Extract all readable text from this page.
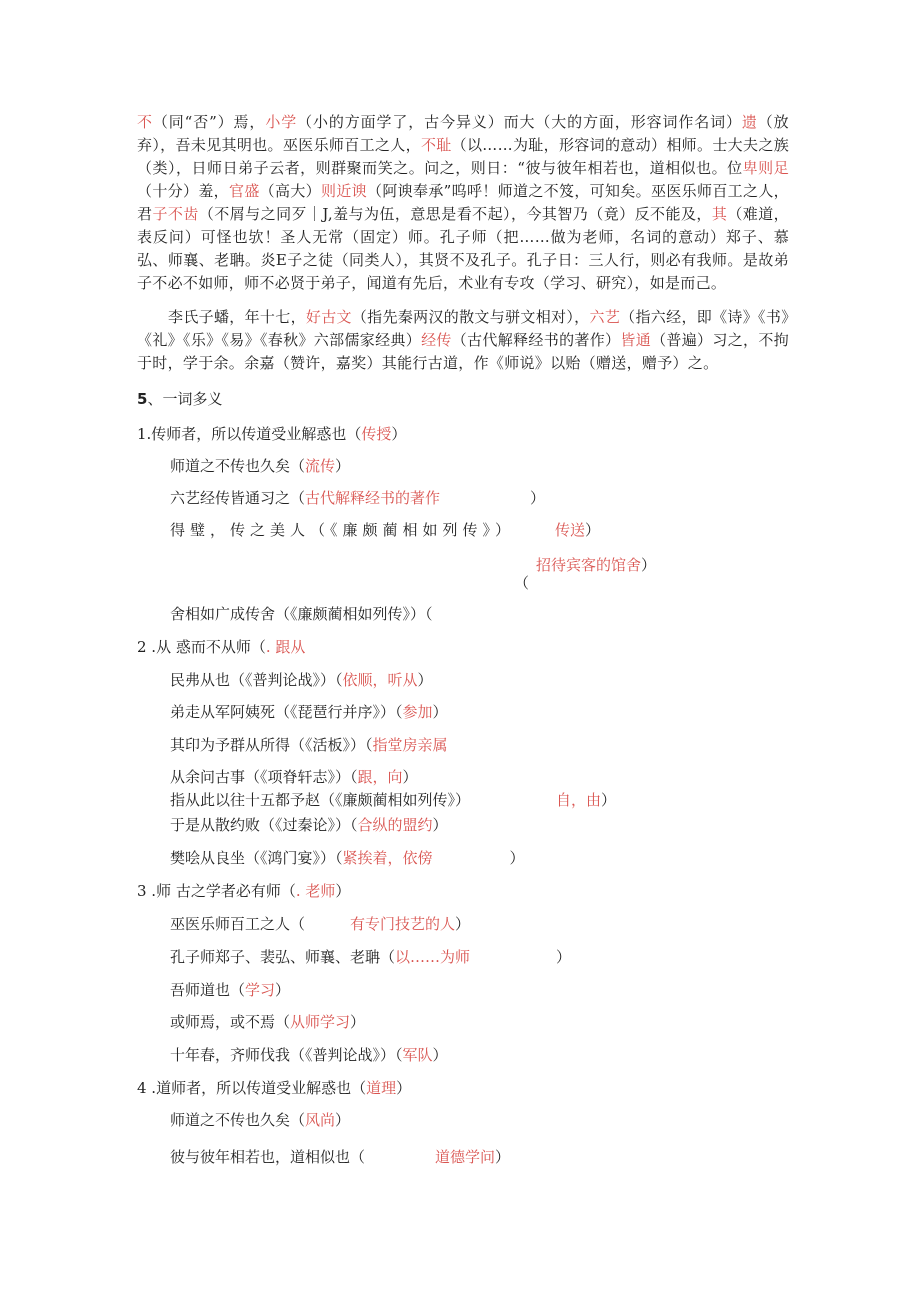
不（同“否”）焉，小学（小的方面学了，古今异义）而大（大的方面，形容词作名词）遗（放弃），吾未见其明也。巫医乐师百工之人，不耻（以……为耻，形容词的意动）相师。士大夫之族（类），日师日弟子云者，则群聚而笑之。问之，则日：“彼与彼年相若也，道相似也。位卑则足（十分）羞，官盛（高大）则近谀（阿谀奉承”呜呼！师道之不笈，可知矣。巫医乐师百工之人，君子不齿（不屑与之同歹｜J,羞与为伍，意思是看不起），今其智乃（竟）反不能及，其（难道，表反问）可怪也欤！圣人无常（固定）师。孔子师（把……做为老师，名词的意动）郑子、慕弘、师襄、老聃。炎E子之徒（同类人），其贤不及孔子。孔子日：三人行，则必有我师。是故弟子不必不如师，师不必贤于弟子，闻道有先后，术业有专攻（学习、研究），如是而己。
李氏子蟠，年十七，好古文（指先秦两汉的散文与骈文相对），六艺（指六经，即《诗》《书》《礼》《乐》《易》《春秋》六部儒家经典）经传（古代解释经书的著作）皆通（普遍）习之，不拘于时，学于余。余嘉（赞许，嘉奖）其能行古道，作《师说》以贻（赠送，赠予）之。
5、一词多义
1.传师者，所以传道受业解惑也（传授）
师道之不传也久矣（流传）
六艺经传皆通习之（古代解释经书的著作	）
得璧，传之美人（《廉颇蔺相如列传》）	传送）
招待宾客的馆舍）
（
舍相如广成传舍（《廉颇蔺相如列传》）（
2 .从 惑而不从师（. 跟从
民弗从也（《普判论战》）（依顺，听从）
弟走从军阿姨死（《琵琶行并序》）（参加）
其印为予群从所得（《活板》）（指堂房亲属
从余问古事（《项脊轩志》）（跟，向）
指从此以往十五都予赵（《廉颇蔺相如列传》）	自，由）
于是从散约败（《过秦论》）（合纵的盟约）
樊哙从良坐（《鸿门宴》）（紧挨着，依傍	）
3 .师 古之学者必有师（. 老师）
巫医乐师百工之人（	有专门技艺的人）
孔子师郑子、裴弘、师襄、老聃（以……为师	）
吾师道也（学习）
或师焉，或不焉（从师学习）
十年春，齐师伐我（《普判论战》）（军队）
4 .道师者，所以传道受业解惑也（道理）
师道之不传也久矣（风尚）
彼与彼年相若也，道相似也（	道德学问）
